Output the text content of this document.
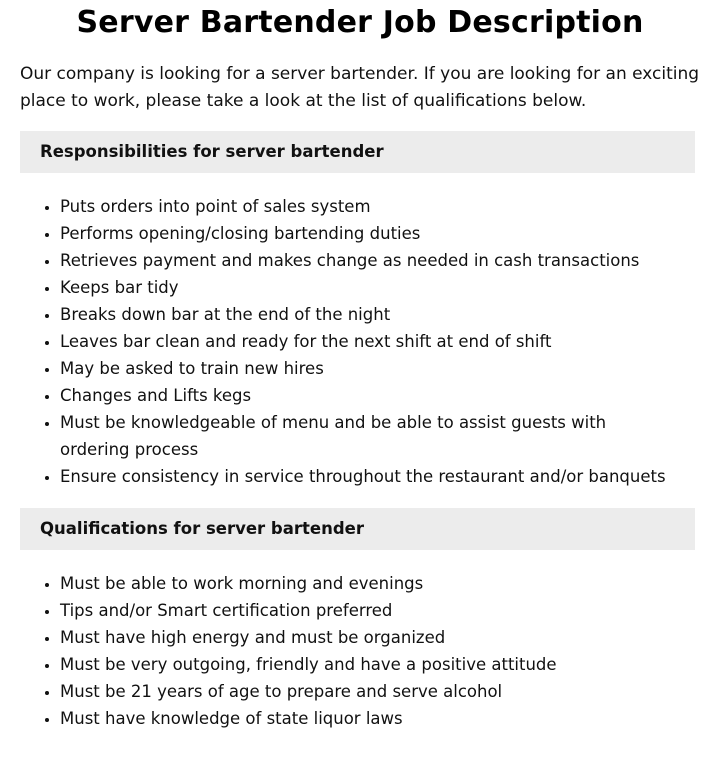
Server Bartender Job Description

Our company is looking for a server bartender. If you are looking for an exciting place to work, please take a look at the list of qualifications below.

Responsibilities for server bartender
• Puts orders into point of sales system
• Performs opening/closing bartending duties
• Retrieves payment and makes change as needed in cash transactions
• Keeps bar tidy
• Breaks down bar at the end of the night
• Leaves bar clean and ready for the next shift at end of shift
• May be asked to train new hires
• Changes and Lifts kegs
• Must be knowledgeable of menu and be able to assist guests with ordering process
• Ensure consistency in service throughout the restaurant and/or banquets
Qualifications for server bartender
• Must be able to work morning and evenings
• Tips and/or Smart certification preferred
• Must have high energy and must be organized
• Must be very outgoing, friendly and have a positive attitude
• Must be 21 years of age to prepare and serve alcohol
• Must have knowledge of state liquor laws
